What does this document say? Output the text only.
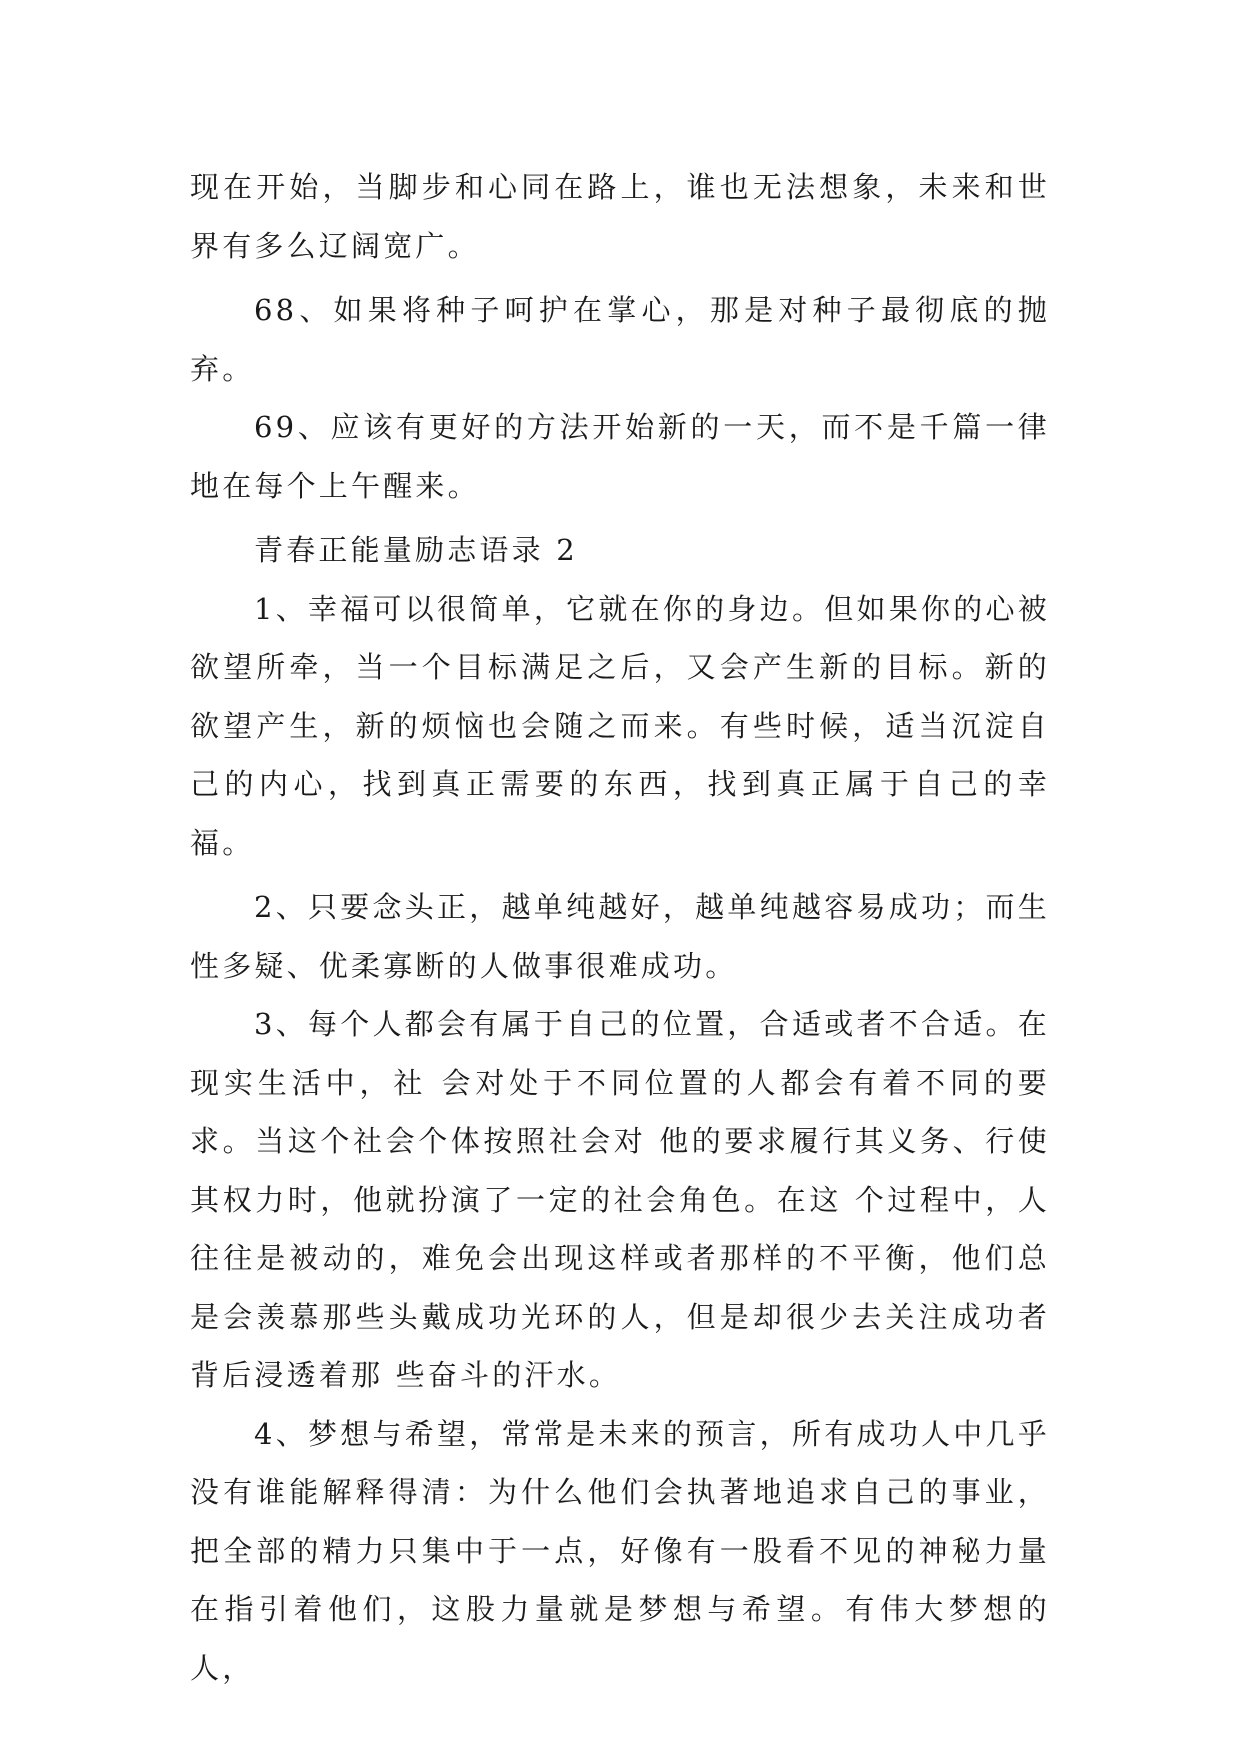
现在开始，当脚步和心同在路上，谁也无法想象，未来和世界有多么辽阔宽广。

68、如果将种子呵护在掌心，那是对种子最彻底的抛弃。

69、应该有更好的方法开始新的一天，而不是千篇一律地在每个上午醒来。

青春正能量励志语录 2

1、幸福可以很简单，它就在你的身边。但如果你的心被欲望所牵，当一个目标满足之后，又会产生新的目标。新的欲望产生，新的烦恼也会随之而来。有些时候，适当沉淀自己的内心，找到真正需要的东西，找到真正属于自己的幸福。

2、只要念头正，越单纯越好，越单纯越容易成功；而生性多疑、优柔寡断的人做事很难成功。

3、每个人都会有属于自己的位置，合适或者不合适。在现实生活中，社 会对处于不同位置的人都会有着不同的要求。当这个社会个体按照社会对 他的要求履行其义务、行使其权力时，他就扮演了一定的社会角色。在这 个过程中，人往往是被动的，难免会出现这样或者那样的不平衡，他们总 是会羡慕那些头戴成功光环的人，但是却很少去关注成功者背后浸透着那 些奋斗的汗水。

4、梦想与希望，常常是未来的预言，所有成功人中几乎没有谁能解释得清：为什么他们会执著地追求自己的事业，把全部的精力只集中于一点，好像有一股看不见的神秘力量在指引着他们，这股力量就是梦想与希望。有伟大梦想的人，
